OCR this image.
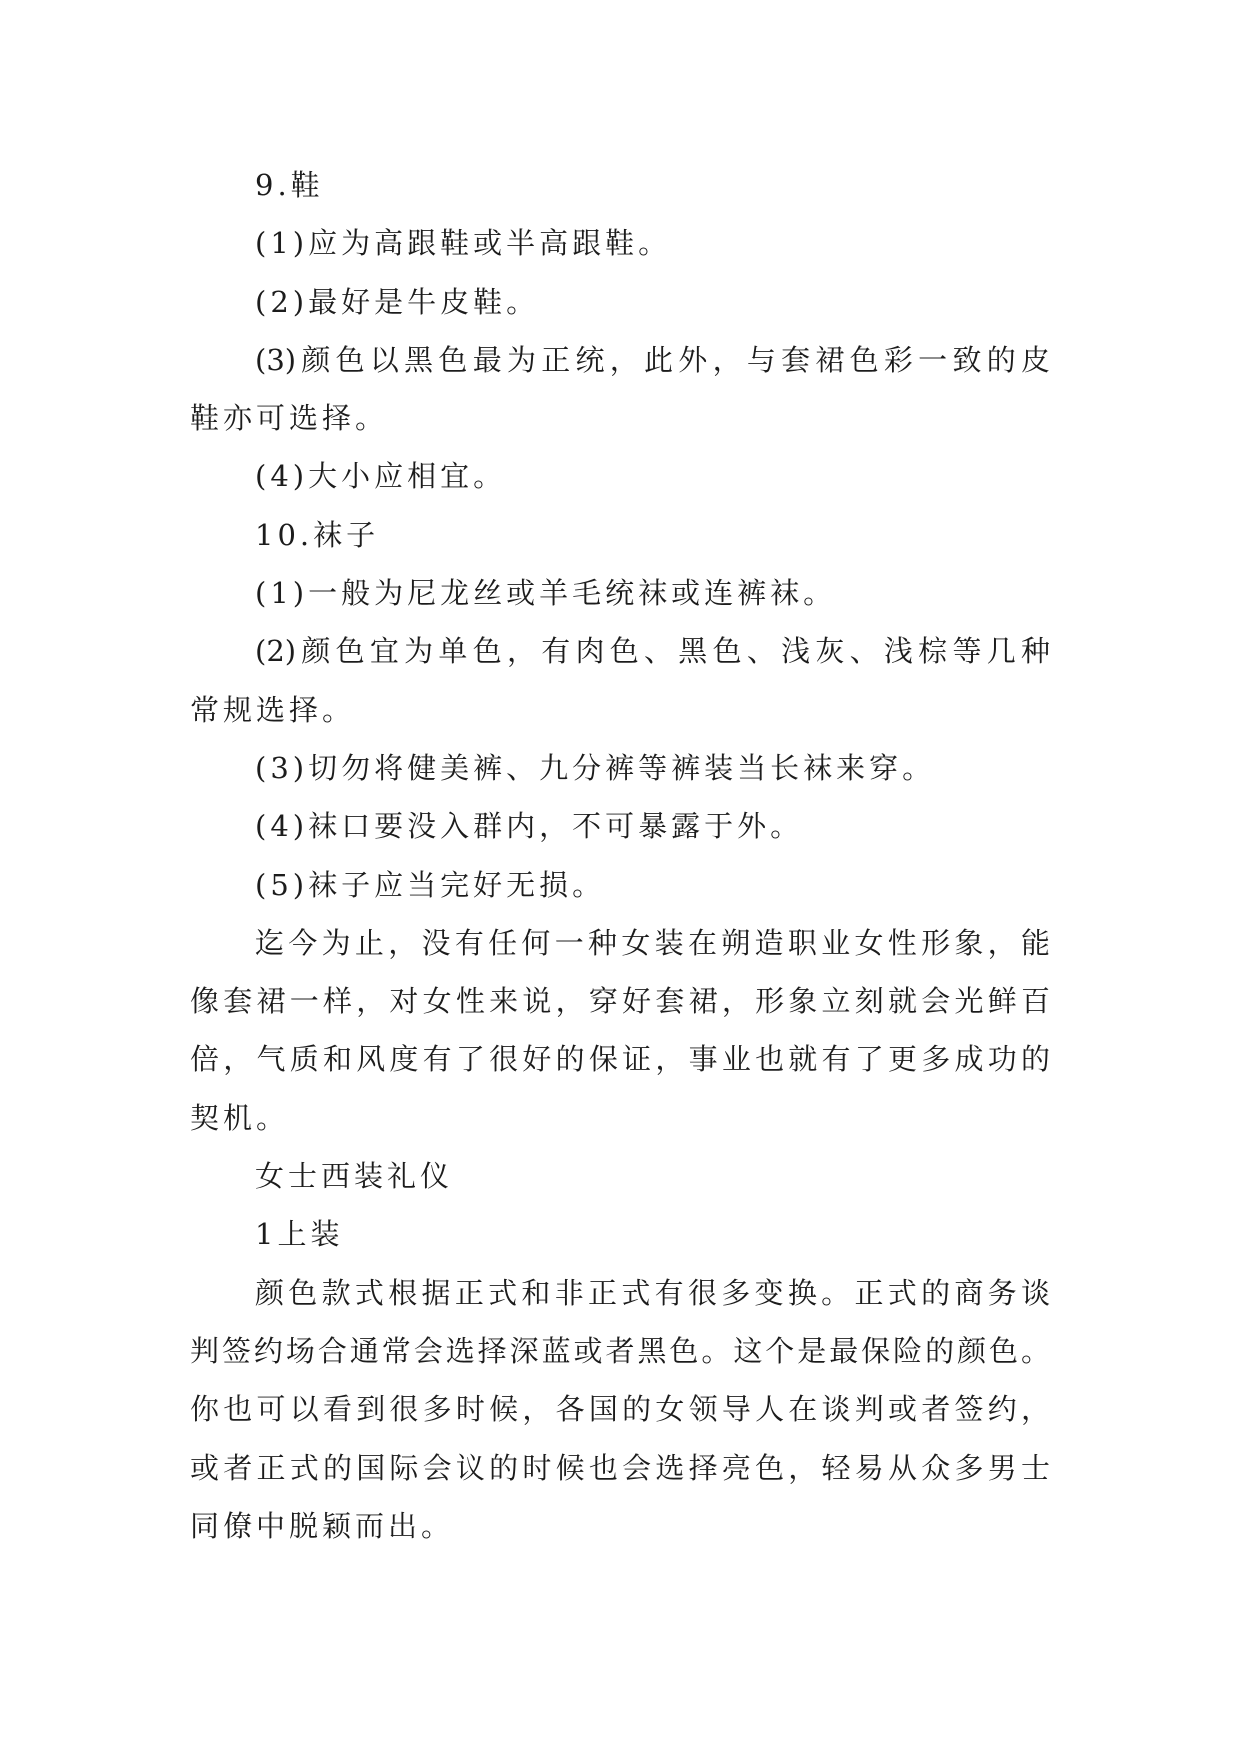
9.鞋
(1)应为高跟鞋或半高跟鞋。
(2)最好是牛皮鞋。
(3)颜色以黑色最为正统，此外，与套裙色彩一致的皮
鞋亦可选择。
(4)大小应相宜。
10.袜子
(1)一般为尼龙丝或羊毛统袜或连裤袜。
(2)颜色宜为单色，有肉色、黑色、浅灰、浅棕等几种
常规选择。
(3)切勿将健美裤、九分裤等裤装当长袜来穿。
(4)袜口要没入群内，不可暴露于外。
(5)袜子应当完好无损。
迄今为止，没有任何一种女装在朔造职业女性形象，能
像套裙一样，对女性来说，穿好套裙，形象立刻就会光鲜百
倍，气质和风度有了很好的保证，事业也就有了更多成功的
契机。
女士西装礼仪
1上装
颜色款式根据正式和非正式有很多变换。正式的商务谈
判签约场合通常会选择深蓝或者黑色。这个是最保险的颜色。
你也可以看到很多时候，各国的女领导人在谈判或者签约，
或者正式的国际会议的时候也会选择亮色，轻易从众多男士
同僚中脱颖而出。
